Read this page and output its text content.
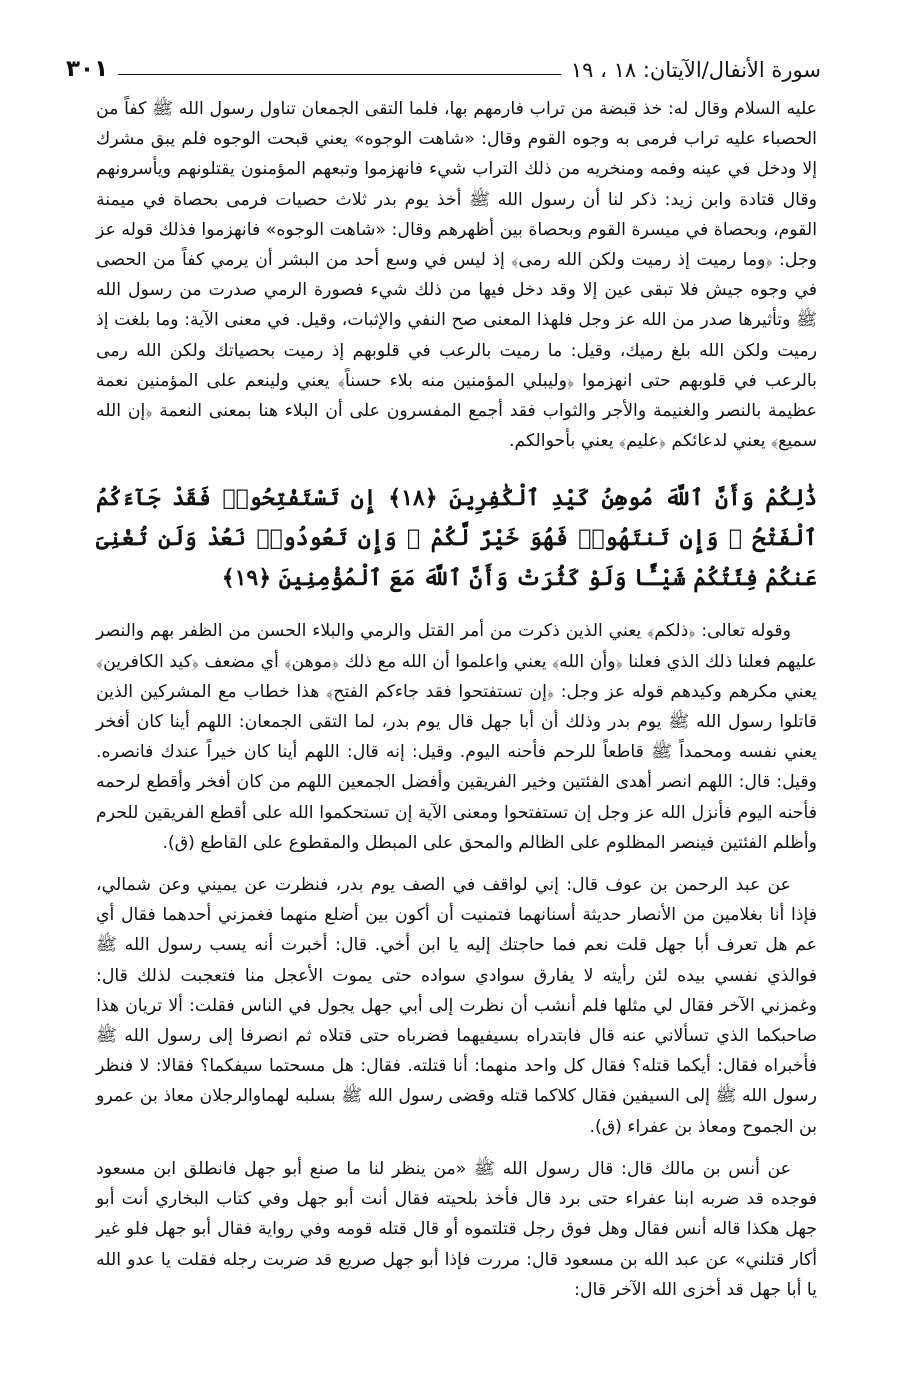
سورة الأنفال/الآيتان: ١٨ ، ١٩
٣٠١

عليه السلام وقال له: خذ قبضة من تراب فارمهم بها، فلما التقى الجمعان تناول رسول الله ﷺ كفاً من الحصباء عليه تراب فرمى به وجوه القوم وقال: «شاهت الوجوه» يعني قبحت الوجوه فلم يبق مشرك إلا ودخل في عينه وفمه ومنخريه من ذلك التراب شيء فانهزموا وتبعهم المؤمنون يقتلونهم ويأسرونهم وقال قتادة وابن زيد: ذكر لنا أن رسول الله ﷺ أخذ يوم بدر ثلاث حصيات فرمى بحصاة في ميمنة القوم، وبحصاة في ميسرة القوم وبحصاة بين أظهرهم وقال: «شاهت الوجوه» فانهزموا فذلك قوله عز وجل: ﴿وما رميت إذ رميت ولكن الله رمى﴾ إذ ليس في وسع أحد من البشر أن يرمي كفاً من الحصى في وجوه جيش فلا تبقى عين إلا وقد دخل فيها من ذلك شيء فصورة الرمي صدرت من رسول الله ﷺ وتأثيرها صدر من الله عز وجل فلهذا المعنى صح النفي والإثبات، وقيل. في معنى الآية: وما بلغت إذ رميت ولكن الله بلغ رميك، وقيل: ما رميت بالرعب في قلوبهم إذ رميت بحصياتك ولكن الله رمى بالرعب في قلوبهم حتى انهزموا ﴿وليبلي المؤمنين منه بلاء حسناً﴾ يعني ولينعم على المؤمنين نعمة عظيمة بالنصر والغنيمة والأجر والثواب فقد أجمع المفسرون على أن البلاء هنا بمعنى النعمة ﴿إن الله سميع﴾ يعني لدعائكم ﴿عليم﴾ يعني بأحوالكم.

ذَٰلِكُمْ وَأَنَّ ٱللَّهَ مُوهِنُ كَيْدِ ٱلْكَٰفِرِينَ ﴿١٨﴾ إِن تَسْتَفْتِحُوا۟ فَقَدْ جَآءَكُمُ ٱلْفَتْحُ ۖ وَإِن تَنتَهُوا۟ فَهُوَ خَيْرٌ لَّكُمْ ۖ وَإِن تَعُودُوا۟ نَعُدْ وَلَن تُغْنِىَ عَنكُمْ فِئَتُكُمْ شَيْـًٔا وَلَوْ كَثُرَتْ وَأَنَّ ٱللَّهَ مَعَ ٱلْمُؤْمِنِينَ ﴿١٩﴾

وقوله تعالى: ﴿ذلكم﴾ يعني الذين ذكرت من أمر القتل والرمي والبلاء الحسن من الظفر بهم والنصر عليهم فعلنا ذلك الذي فعلنا ﴿وأن الله﴾ يعني واعلموا أن الله مع ذلك ﴿موهن﴾ أي مضعف ﴿كيد الكافرين﴾ يعني مكرهم وكيدهم قوله عز وجل: ﴿إن تستفتحوا فقد جاءكم الفتح﴾ هذا خطاب مع المشركين الذين قاتلوا رسول الله ﷺ يوم بدر وذلك أن أبا جهل قال يوم بدر، لما التقى الجمعان: اللهم أينا كان أفخر يعني نفسه ومحمداً ﷺ قاطعاً للرحم فأحنه اليوم. وقيل: إنه قال: اللهم أينا كان خيراً عندك فانصره. وقيل: قال: اللهم انصر أهدى الفئتين وخير الفريقين وأفضل الجمعين اللهم من كان أفخر وأقطع لرحمه فأحنه اليوم فأنزل الله عز وجل إن تستفتحوا ومعنى الآية إن تستحكموا الله على أقطع الفريقين للحرم وأظلم الفئتين فينصر المظلوم على الظالم والمحق على المبطل والمقطوع على القاطع (ق).

عن عبد الرحمن بن عوف قال: إني لواقف في الصف يوم بدر، فنظرت عن يميني وعن شمالي، فإذا أنا بغلامين من الأنصار حديثة أسنانهما فتمنيت أن أكون بين أضلع منهما فغمزني أحدهما فقال أي عم هل تعرف أبا جهل قلت نعم فما حاجتك إليه يا ابن أخي. قال: أخبرت أنه يسب رسول الله ﷺ فوالذي نفسي بيده لئن رأيته لا يفارق سوادي سواده حتى يموت الأعجل منا فتعجبت لذلك قال: وغمزني الآخر فقال لي مثلها فلم أنشب أن نظرت إلى أبي جهل يجول في الناس فقلت: ألا تريان هذا صاحبكما الذي تسألاني عنه قال فابتدراه بسيفيهما فضرباه حتى قتلاه ثم انصرفا إلى رسول الله ﷺ فأخبراه فقال: أيكما قتله؟ فقال كل واحد منهما: أنا قتلته. فقال: هل مسحتما سيفكما؟ فقالا: لا فنظر رسول الله ﷺ إلى السيفين فقال كلاكما قتله وقضى رسول الله ﷺ بسلبه لهماوالرجلان معاذ بن عمرو بن الجموح ومعاذ بن عفراء (ق).

عن أنس بن مالك قال: قال رسول الله ﷺ «من ينظر لنا ما صنع أبو جهل فانطلق ابن مسعود فوجده قد ضربه ابنا عفراء حتى برد قال فأخذ بلحيته فقال أنت أبو جهل وفي كتاب البخاري أنت أبو جهل هكذا قاله أنس فقال وهل فوق رجل قتلتموه أو قال قتله قومه وفي رواية فقال أبو جهل فلو غير أكار قتلني» عن عبد الله بن مسعود قال: مررت فإذا أبو جهل صريع قد ضربت رجله فقلت يا عدو الله يا أبا جهل قد أخزى الله الآخر قال:
